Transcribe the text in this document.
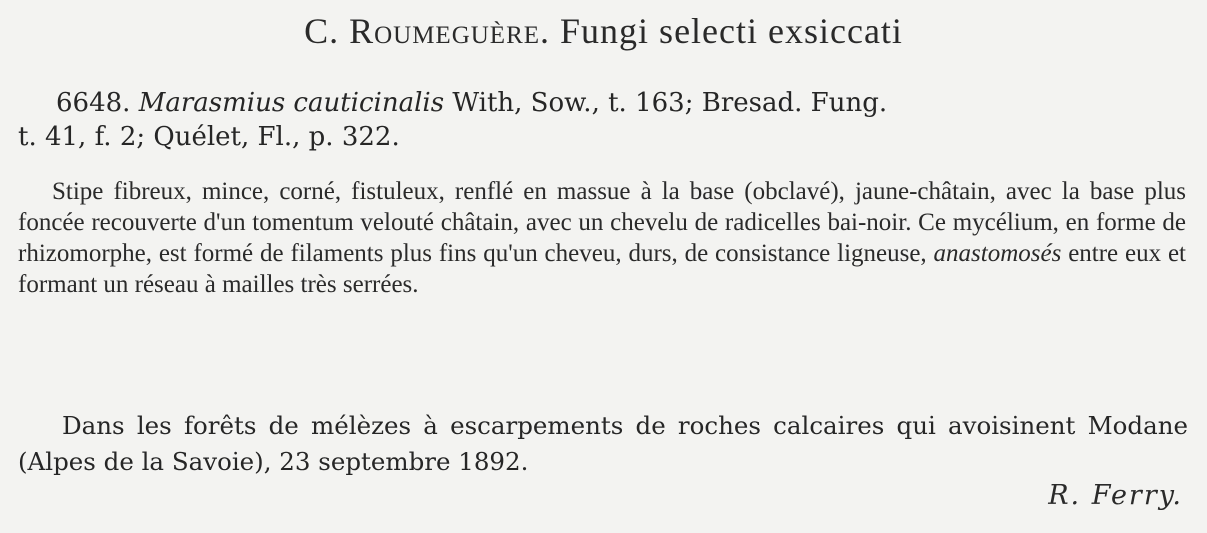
C. Roumeguère. Fungi selecti exsiccati
6648. Marasmius cauticinalis With, Sow., t. 163; Bresad. Fung.
t. 41, f. 2; Quélet, Fl., p. 322.
Stipe fibreux, mince, corné, fistuleux, renflé en massue à la base (obclavé), jaune-châtain, avec la base plus foncée recouverte d'un tomentum velouté châtain, avec un chevelu de radicelles bai-noir. Ce mycélium, en forme de rhizomorphe, est formé de filaments plus fins qu'un cheveu, durs, de consistance ligneuse, anastomosés entre eux et formant un réseau à mailles très serrées.
Dans les forêts de mélèzes à escarpements de roches calcaires qui avoisinent Modane (Alpes de la Savoie), 23 septembre 1892.
R. Ferry.
